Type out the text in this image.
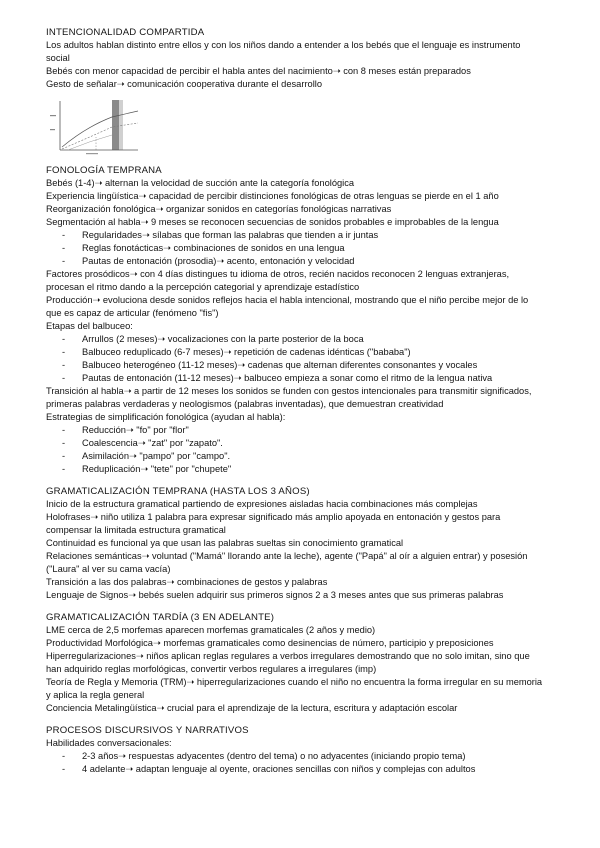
INTENCIONALIDAD COMPARTIDA

Los adultos hablan distinto entre ellos y con los niños dando a entender a los bebés que el lenguaje es instrumento social

Bebés con menor capacidad de percibir el habla antes del nacimiento➝ con 8 meses están preparados

Gesto de señalar➝ comunicación cooperativa durante el desarrollo

FONOLOGÍA TEMPRANA

Bebés (1-4)➝ alternan la velocidad de succión ante la categoría fonológica

Experiencia lingüística➝ capacidad de percibir distinciones fonológicas de otras lenguas se pierde en el 1 año

Reorganización fonológica➝ organizar sonidos en categorías fonológicas narrativas

Segmentación al habla➝ 9 meses se reconocen secuencias de sonidos probables e improbables de la lengua

- Regularidades➝ sílabas que forman las palabras que tienden a ir juntas
- Reglas fonotácticas➝ combinaciones de sonidos en una lengua
- Pautas de entonación (prosodia)➝ acento, entonación y velocidad

Factores prosódicos➝ con 4 días distingues tu idioma de otros, recién nacidos reconocen 2 lenguas extranjeras, procesan el ritmo dando a la percepción categorial y aprendizaje estadístico

Producción➝ evoluciona desde sonidos reflejos hacia el habla intencional, mostrando que el niño percibe mejor de lo que es capaz de articular (fenómeno "fis")

Etapas del balbuceo:

- Arrullos (2 meses)➝ vocalizaciones con la parte posterior de la boca
- Balbuceo reduplicado (6-7 meses)➝ repetición de cadenas idénticas ("bababa")
- Balbuceo heterogéneo (11-12 meses)➝ cadenas que alternan diferentes consonantes y vocales
- Pautas de entonación (11-12 meses)➝ balbuceo empieza a sonar como el ritmo de la lengua nativa

Transición al habla➝ a partir de 12 meses los sonidos se funden con gestos intencionales para transmitir significados, primeras palabras verdaderas y neologismos (palabras inventadas), que demuestran creatividad

Estrategias de simplificación fonológica (ayudan al habla):

- Reducción➝ "fo" por "flor"
- Coalescencia➝ "zat" por "zapato".
- Asimilación➝ "pampo" por "campo".
- Reduplicación➝ "tete" por "chupete"

GRAMATICALIZACIÓN TEMPRANA (HASTA LOS 3 AÑOS)

Inicio de la estructura gramatical partiendo de expresiones aisladas hacia combinaciones más complejas

Holofrases➝ niño utiliza 1 palabra para expresar significado más amplio apoyada en entonación y gestos para compensar la limitada estructura gramatical

Continuidad es funcional ya que usan las palabras sueltas sin conocimiento gramatical

Relaciones semánticas➝ voluntad ("Mamá" llorando ante la leche), agente ("Papá" al oír a alguien entrar) y posesión ("Laura" al ver su cama vacía)

Transición a las dos palabras➝ combinaciones de gestos y palabras

Lenguaje de Signos➝ bebés suelen adquirir sus primeros signos 2 a 3 meses antes que sus primeras palabras

GRAMATICALIZACIÓN TARDÍA (3 EN ADELANTE)

LME cerca de 2,5 morfemas aparecen morfemas gramaticales (2 años y medio)

Productividad Morfológica➝ morfemas gramaticales como desinencias de número, participio y preposiciones

Hiperregularizaciones➝ niños aplican reglas regulares a verbos irregulares demostrando que no solo imitan, sino que han adquirido reglas morfológicas, convertir verbos regulares a irregulares (imp)

Teoría de Regla y Memoria (TRM)➝ hiperregularizaciones cuando el niño no encuentra la forma irregular en su memoria y aplica la regla general

Conciencia Metalingüística➝ crucial para el aprendizaje de la lectura, escritura y adaptación escolar

PROCESOS DISCURSIVOS Y NARRATIVOS

Habilidades conversacionales:

- 2-3 años➝ respuestas adyacentes (dentro del tema) o no adyacentes (iniciando propio tema)
- 4 adelante➝ adaptan lenguaje al oyente, oraciones sencillas con niños y complejas con adultos
